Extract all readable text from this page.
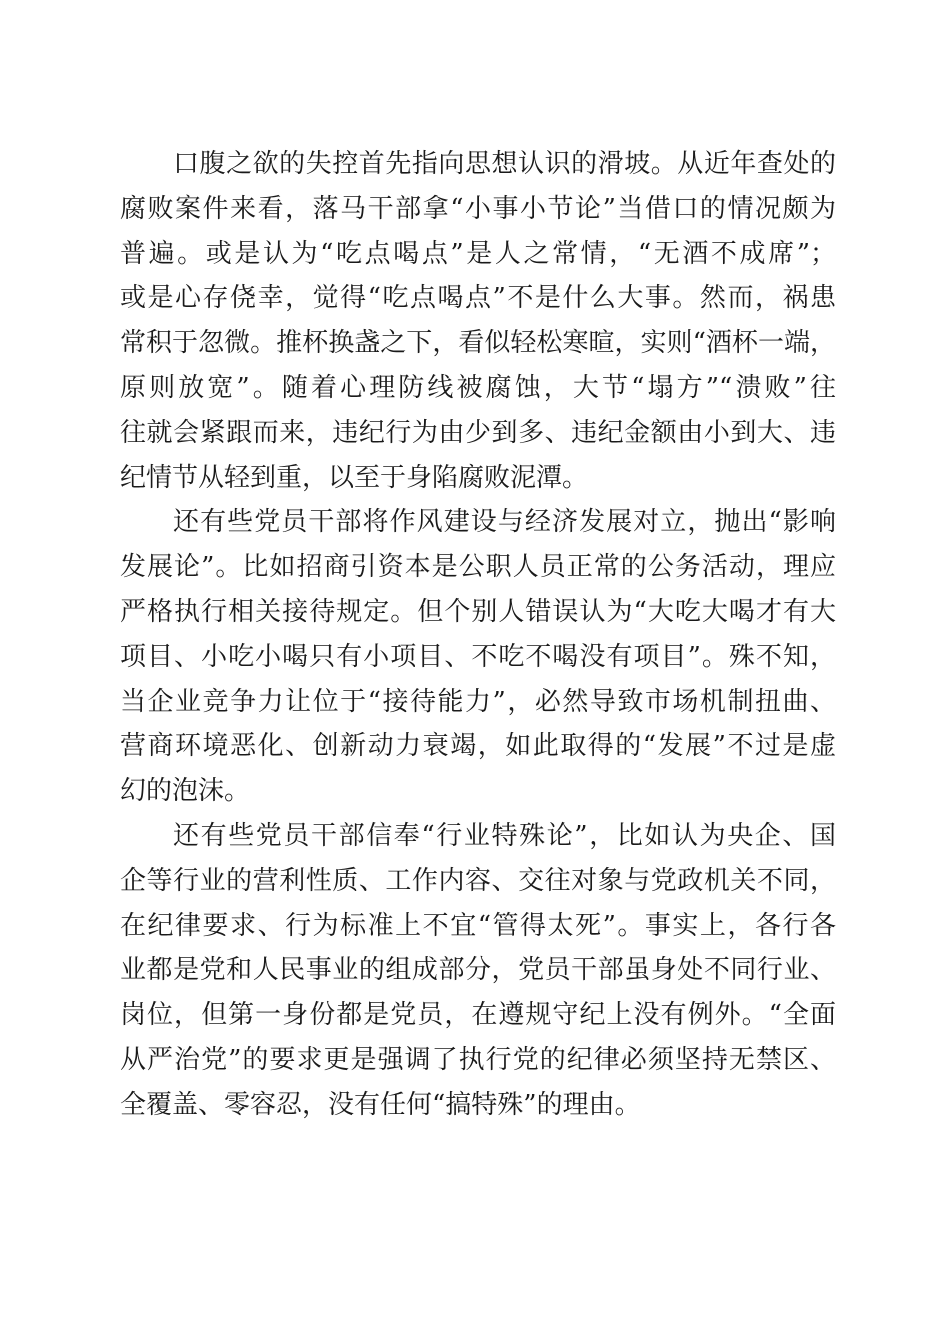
口腹之欲的失控首先指向思想认识的滑坡。从近年查处的
腐败案件来看，落马干部拿“小事小节论”当借口的情况颇为
普遍。或是认为“吃点喝点”是人之常情，“无酒不成席”；
或是心存侥幸，觉得“吃点喝点”不是什么大事。然而，祸患
常积于忽微。推杯换盏之下，看似轻松寒暄，实则“酒杯一端，
原则放宽”。随着心理防线被腐蚀，大节“塌方”“溃败”往
往就会紧跟而来，违纪行为由少到多、违纪金额由小到大、违
纪情节从轻到重，以至于身陷腐败泥潭。
还有些党员干部将作风建设与经济发展对立，抛出“影响
发展论”。比如招商引资本是公职人员正常的公务活动，理应
严格执行相关接待规定。但个别人错误认为“大吃大喝才有大
项目、小吃小喝只有小项目、不吃不喝没有项目”。殊不知，
当企业竞争力让位于“接待能力”，必然导致市场机制扭曲、
营商环境恶化、创新动力衰竭，如此取得的“发展”不过是虚
幻的泡沫。
还有些党员干部信奉“行业特殊论”，比如认为央企、国
企等行业的营利性质、工作内容、交往对象与党政机关不同，
在纪律要求、行为标准上不宜“管得太死”。事实上，各行各
业都是党和人民事业的组成部分，党员干部虽身处不同行业、
岗位，但第一身份都是党员，在遵规守纪上没有例外。“全面
从严治党”的要求更是强调了执行党的纪律必须坚持无禁区、
全覆盖、零容忍，没有任何“搞特殊”的理由。
